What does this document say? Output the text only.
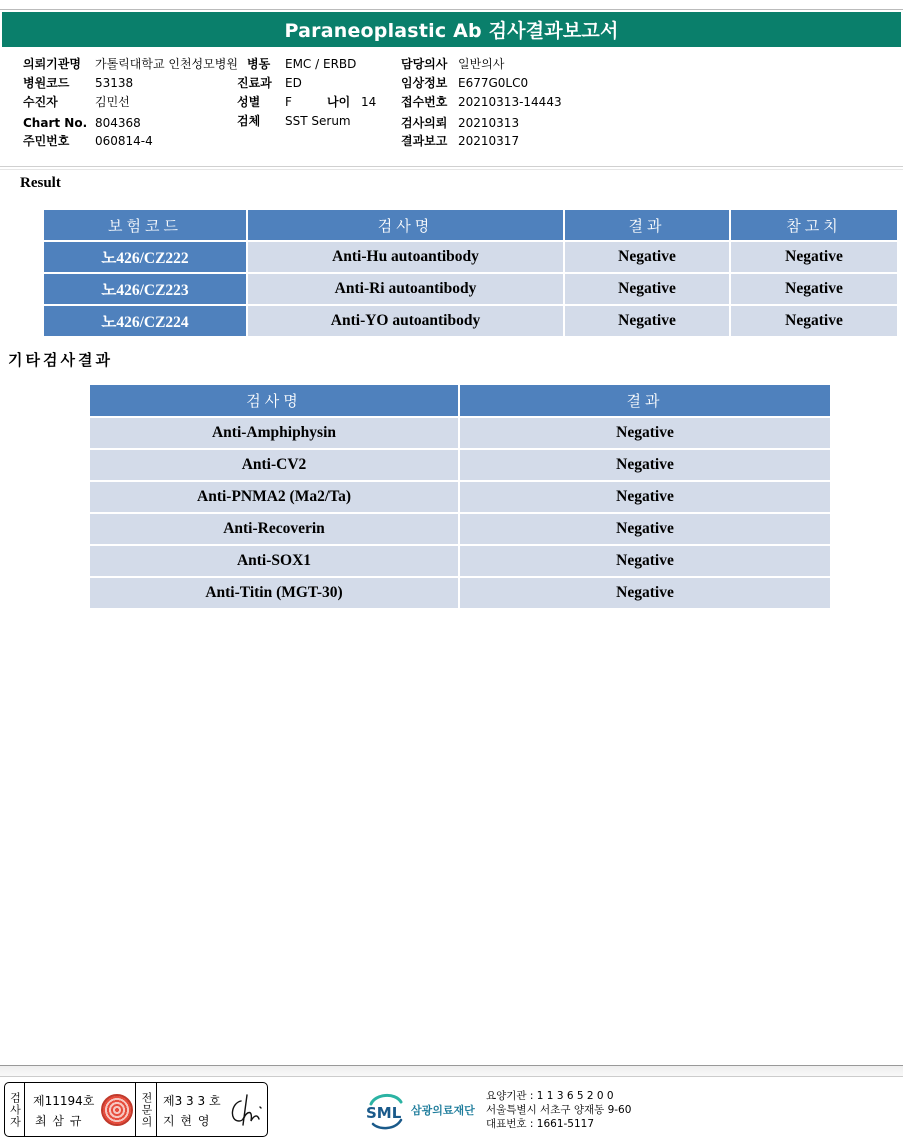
Paraneoplastic Ab 검사결과보고서
의뢰기관명 가톨릭대학교 인천성모병원
병원코드 53138
수진자	김민선
Chart No. 804368
주민번호 060814-4
병동 EMC / ERBD
진료과 ED
성별 F	나이 14
검체 SST Serum
담당의사 일반의사
임상정보 E677G0LC0
접수번호 20210313-14443
검사의뢰 20210313
결과보고 20210317
Result
보험코드	검사명	결과	참고치
노426/CZ222	Anti-Hu autoantibody	Negative	Negative
노426/CZ223	Anti-Ri autoantibody	Negative	Negative
노426/CZ224	Anti-YO autoantibody	Negative	Negative
기타검사결과
검사명	결과
Anti-Amphiphysin	Negative
Anti-CV2	Negative
Anti-PNMA2 (Ma2/Ta)	Negative
Anti-Recoverin	Negative
Anti-SOX1	Negative
Anti-Titin (MGT-30)	Negative
검사자 제11194호
최 삼 규	전문의 제3 3 3 호
지 현 영	SML 삼광의료재단
요양기관 : 1 1 3 6 5 2 0 0
서울특별시 서초구 양재동 9-60
대표번호 : 1661-5117
